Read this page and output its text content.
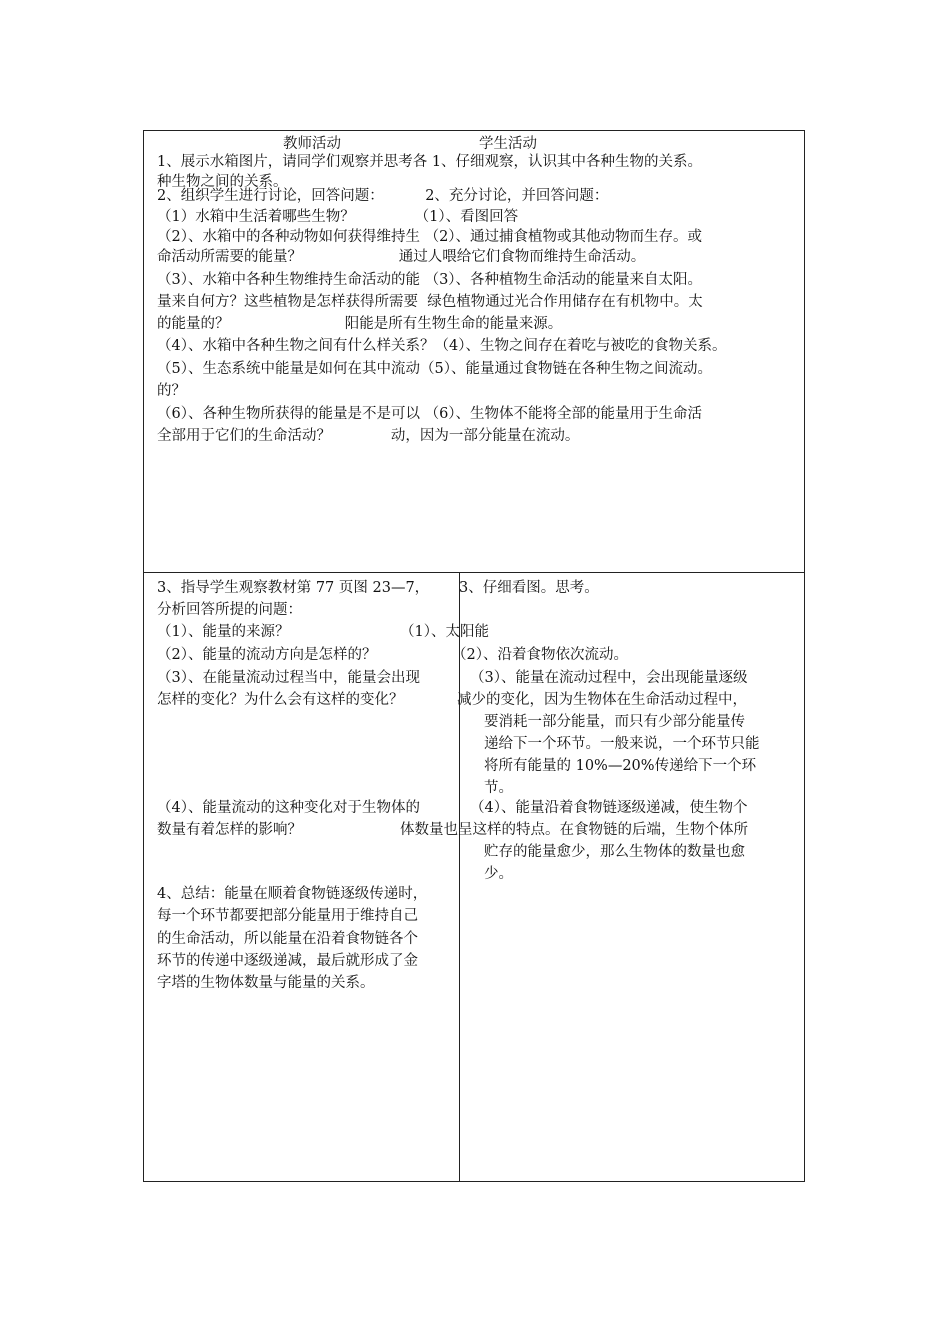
教师活动	学生活动
1、展示水箱图片，请同学们观察并思考各 1、仔细观察，认识其中各种生物的关系。
种生物之间的关系。
2、组织学生进行讨论，回答问题：         2、充分讨论，并回答问题：
（1）水箱中生活着哪些生物？             （1）、看图回答
（2）、水箱中的各种动物如何获得维持生 （2）、通过捕食植物或其他动物而生存。或
命活动所需要的能量？                     通过人喂给它们食物而维持生命活动。
（3）、水箱中各种生物维持生命活动的能 （3）、各种植物生命活动的能量来自太阳。
量来自何方？这些植物是怎样获得所需要  绿色植物通过光合作用储存在有机物中。太
的能量的？                         阳能是所有生物生命的能量来源。
（4）、水箱中各种生物之间有什么样关系？（4）、生物之间存在着吃与被吃的食物关系。
（5）、生态系统中能量是如何在其中流动（5）、能量通过食物链在各种生物之间流动。
的？
（6）、各种生物所获得的能量是不是可以 （6）、生物体不能将全部的能量用于生命活
全部用于它们的生命活动？             动，因为一部分能量在流动。
3、指导学生观察教材第 77 页图 23—7，
分析回答所提的问题：
（1）、能量的来源？
（2）、能量的流动方向是怎样的？
（3）、在能量流动过程当中，能量会出现
怎样的变化？为什么会有这样的变化？
（4）、能量流动的这种变化对于生物体的
数量有着怎样的影响？
4、总结：能量在顺着食物链逐级传递时，
每一个环节都要把部分能量用于维持自己
的生命活动，所以能量在沿着食物链各个
环节的传递中逐级递减，最后就形成了金
字塔的生物体数量与能量的关系。
3、仔细看图。思考。
（1）、太阳能
（2）、沿着食物依次流动。
（3）、能量在流动过程中，会出现能量逐级
减少的变化，因为生物体在生命活动过程中，
要消耗一部分能量，而只有少部分能量传
递给下一个环节。一般来说，一个环节只能
将所有能量的 10%—20%传递给下一个环
节。
（4）、能量沿着食物链逐级递减，使生物个
体数量也呈这样的特点。在食物链的后端，生物个体所
贮存的能量愈少，那么生物体的数量也愈
少。
